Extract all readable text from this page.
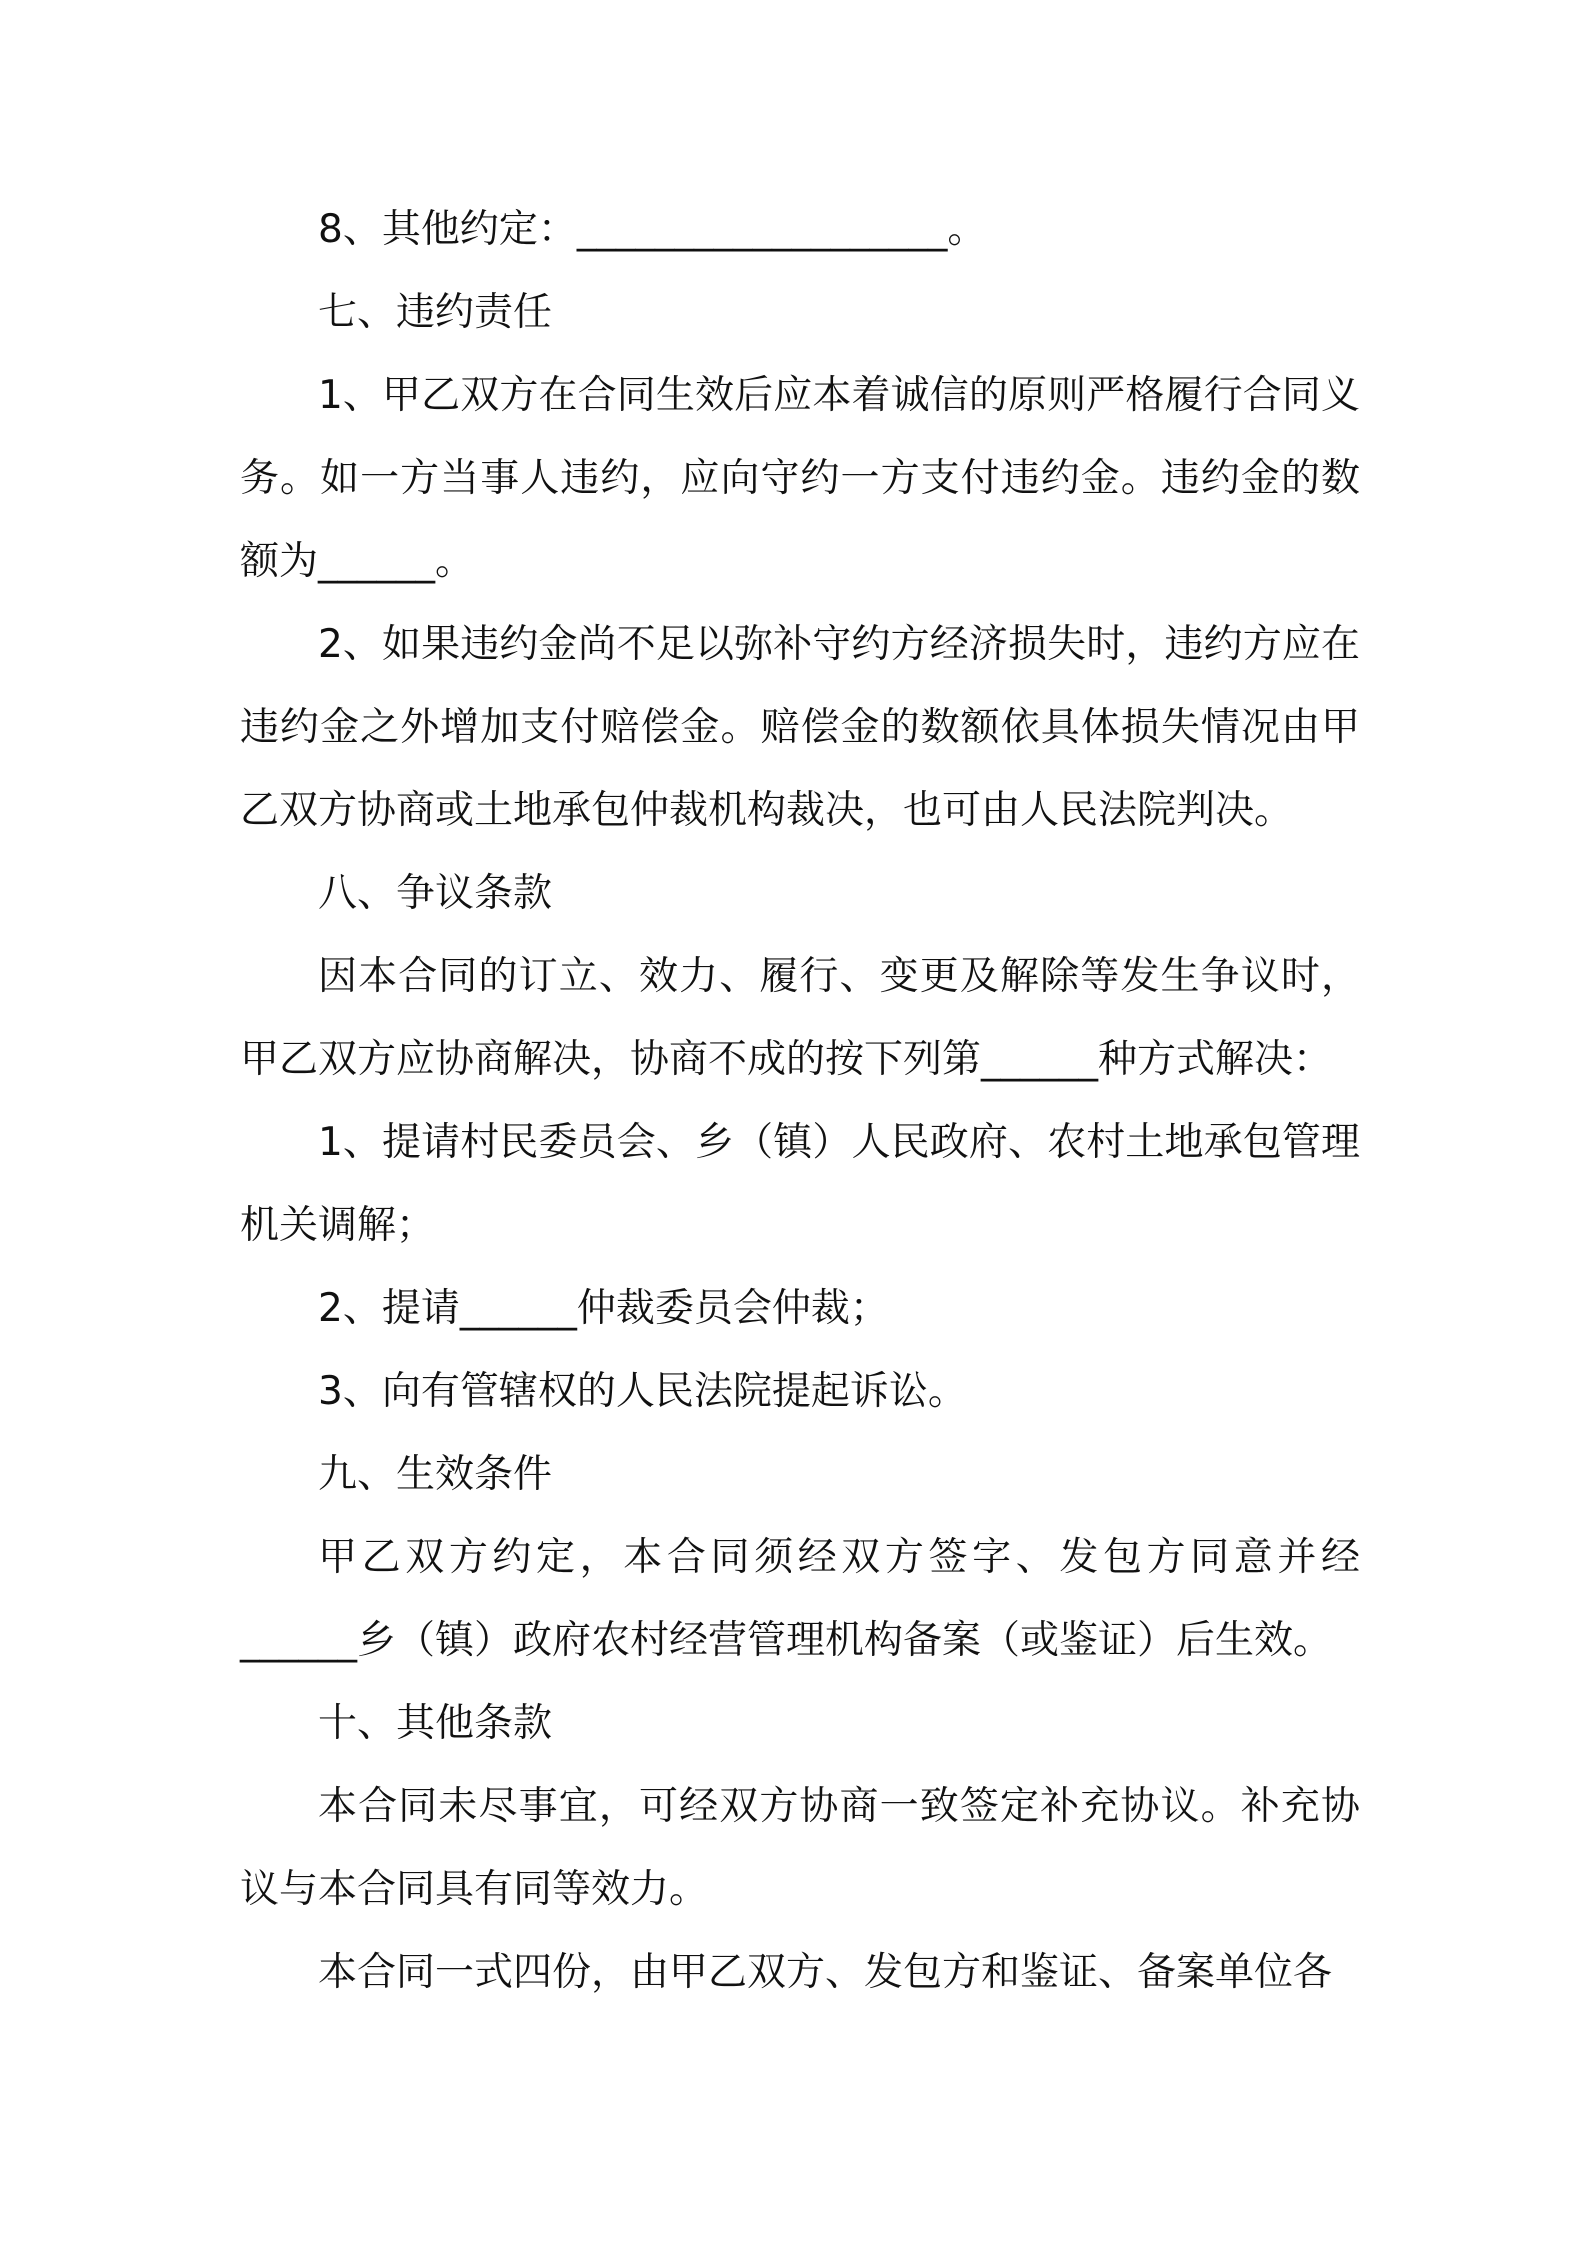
8、其他约定：___________________。

七、违约责任

1、甲乙双方在合同生效后应本着诚信的原则严格履行合同义务。如一方当事人违约，应向守约一方支付违约金。违约金的数额为______。

2、如果违约金尚不足以弥补守约方经济损失时，违约方应在违约金之外增加支付赔偿金。赔偿金的数额依具体损失情况由甲乙双方协商或土地承包仲裁机构裁决，也可由人民法院判决。

八、争议条款

因本合同的订立、效力、履行、变更及解除等发生争议时，甲乙双方应协商解决，协商不成的按下列第______种方式解决：

1、提请村民委员会、乡（镇）人民政府、农村土地承包管理机关调解；

2、提请______仲裁委员会仲裁；

3、向有管辖权的人民法院提起诉讼。

九、生效条件

甲乙双方约定，本合同须经双方签字、发包方同意并经______乡（镇）政府农村经营管理机构备案（或鉴证）后生效。

十、其他条款

本合同未尽事宜，可经双方协商一致签定补充协议。补充协议与本合同具有同等效力。

本合同一式四份，由甲乙双方、发包方和鉴证、备案单位各
